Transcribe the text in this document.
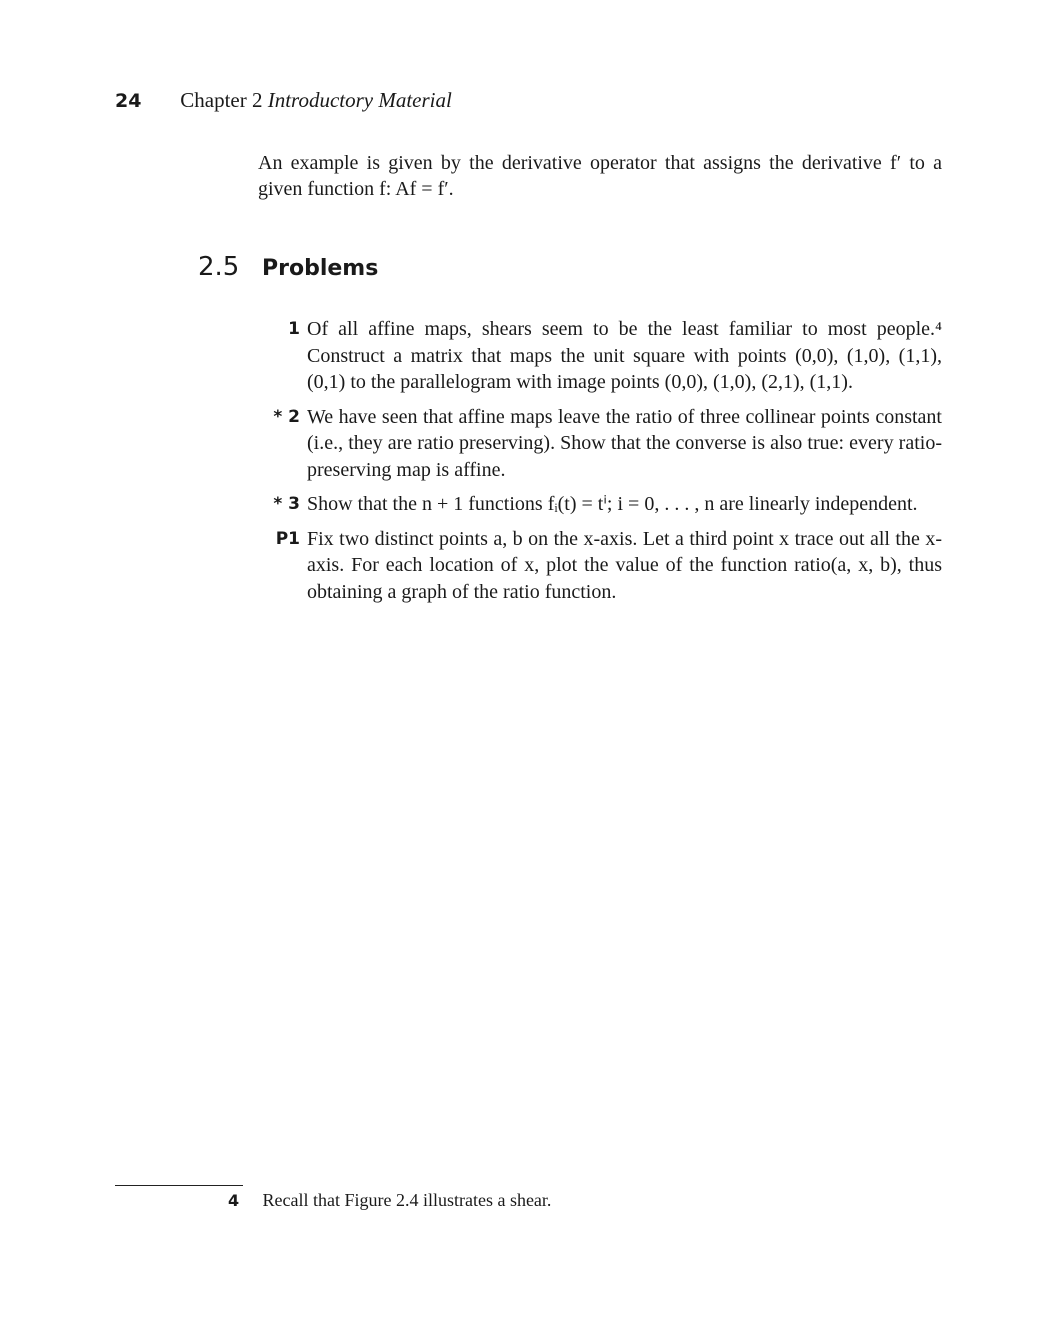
24 Chapter 2 Introductory Material

An example is given by the derivative operator that assigns the derivative f′ to a given function f: Af = f′.

2.5 Problems
1 Of all affine maps, shears seem to be the least familiar to most people.⁴ Construct a matrix that maps the unit square with points (0,0), (1,0), (1,1), (0,1) to the parallelogram with image points (0,0), (1,0), (2,1), (1,1).
* 2 We have seen that affine maps leave the ratio of three collinear points constant (i.e., they are ratio preserving). Show that the converse is also true: every ratio-preserving map is affine.
* 3 Show that the n + 1 functions fᵢ(t) = tⁱ; i = 0, . . . , n are linearly independent.
P1 Fix two distinct points a, b on the x-axis. Let a third point x trace out all the x-axis. For each location of x, plot the value of the function ratio(a, x, b), thus obtaining a graph of the ratio function.
4 Recall that Figure 2.4 illustrates a shear.
